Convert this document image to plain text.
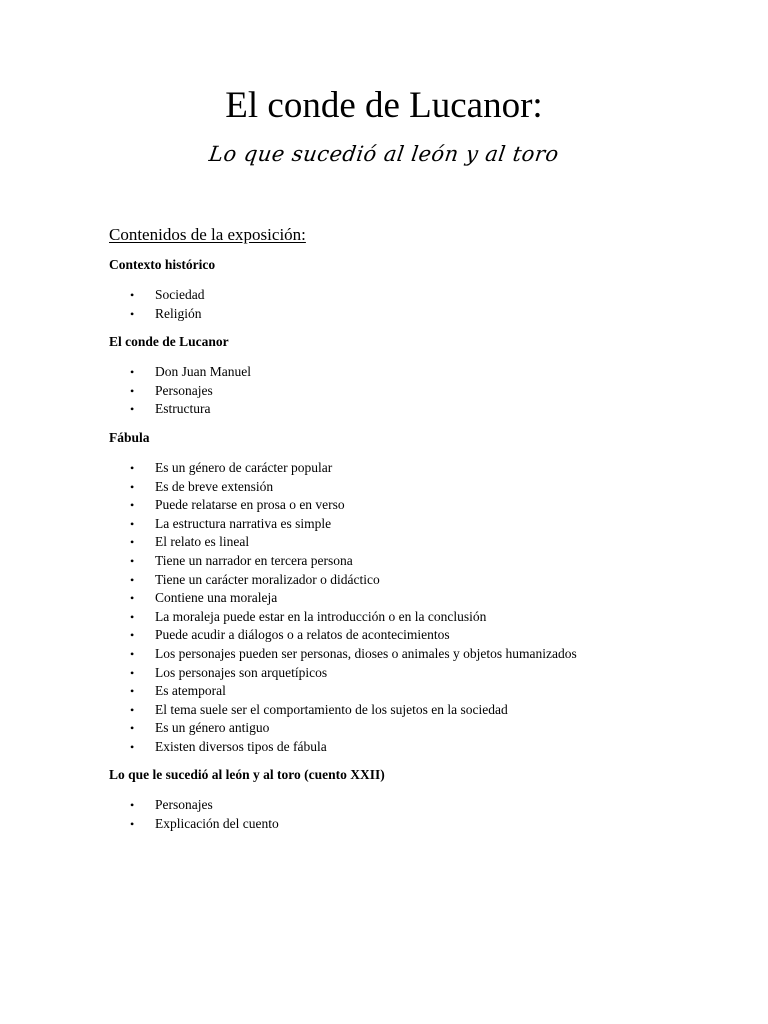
El conde de Lucanor:
Lo que sucedió al león y al toro
Contenidos de la exposición:
Contexto histórico
• Sociedad
• Religión
El conde de Lucanor
• Don Juan Manuel
• Personajes
• Estructura
Fábula
• Es un género de carácter popular
• Es de breve extensión
• Puede relatarse en prosa o en verso
• La estructura narrativa es simple
• El relato es lineal
• Tiene un narrador en tercera persona
• Tiene un carácter moralizador o didáctico
• Contiene una moraleja
• La moraleja puede estar en la introducción o en la conclusión
• Puede acudir a diálogos o a relatos de acontecimientos
• Los personajes pueden ser personas, dioses o animales y objetos humanizados
• Los personajes son arquetípicos
• Es atemporal
• El tema suele ser el comportamiento de los sujetos en la sociedad
• Es un género antiguo
• Existen diversos tipos de fábula
Lo que le sucedió al león y al toro (cuento XXII)
• Personajes
• Explicación del cuento
